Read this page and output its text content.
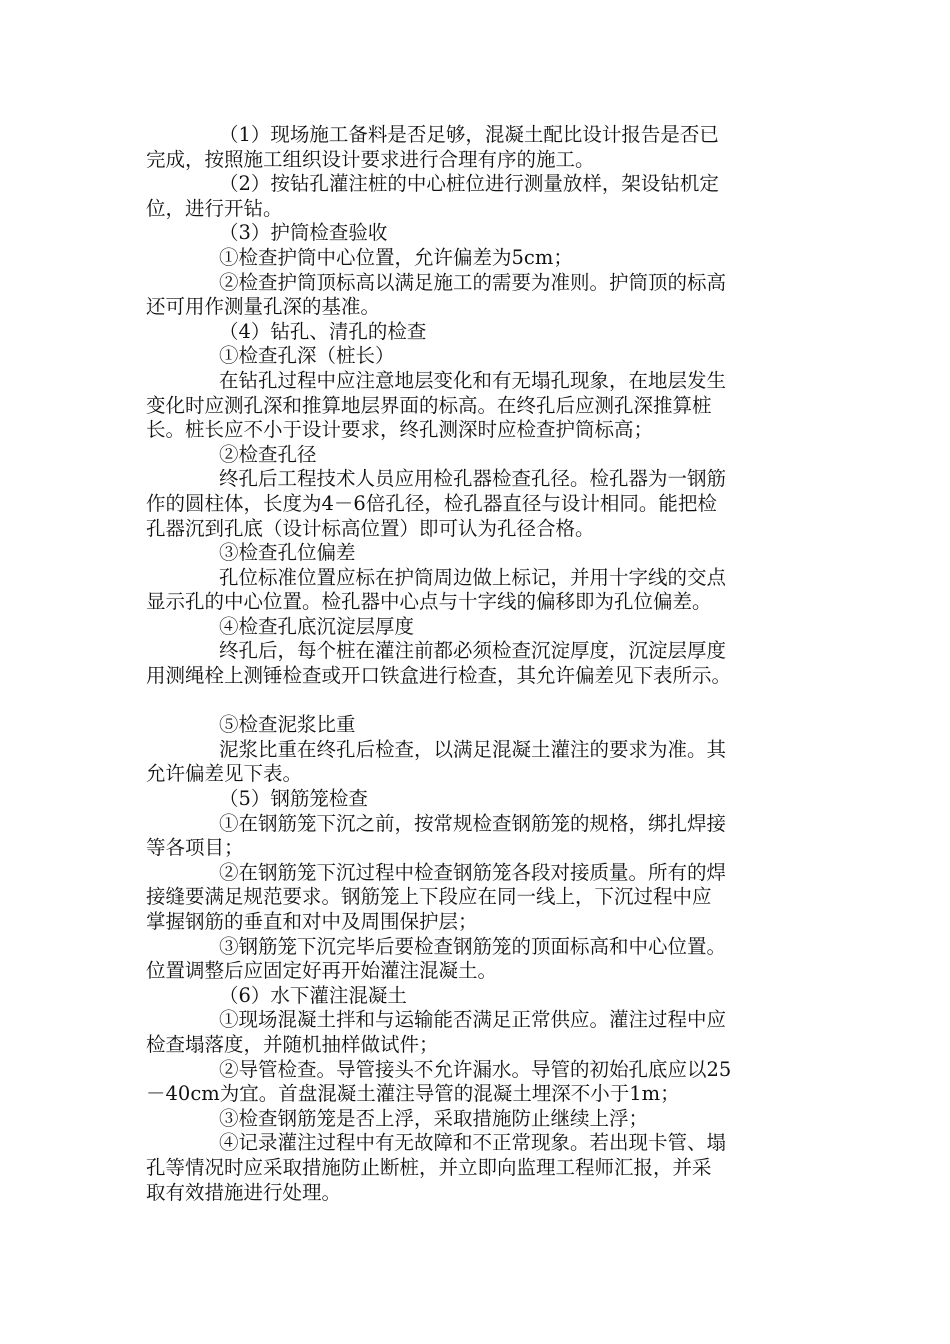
（1）现场施工备料是否足够，混凝土配比设计报告是否已
完成，按照施工组织设计要求进行合理有序的施工。
（2）按钻孔灌注桩的中心桩位进行测量放样，架设钻机定
位，进行开钻。
（3）护筒检查验收
①检查护筒中心位置，允许偏差为5cm；
②检查护筒顶标高以满足施工的需要为准则。护筒顶的标高
还可用作测量孔深的基准。
（4）钻孔、清孔的检查
①检查孔深（桩长）
在钻孔过程中应注意地层变化和有无塌孔现象，在地层发生
变化时应测孔深和推算地层界面的标高。在终孔后应测孔深推算桩
长。桩长应不小于设计要求，终孔测深时应检查护筒标高；
②检查孔径
终孔后工程技术人员应用检孔器检查孔径。检孔器为一钢筋
作的圆柱体，长度为4－6倍孔径，检孔器直径与设计相同。能把检
孔器沉到孔底（设计标高位置）即可认为孔径合格。
③检查孔位偏差
孔位标准位置应标在护筒周边做上标记，并用十字线的交点
显示孔的中心位置。检孔器中心点与十字线的偏移即为孔位偏差。
④检查孔底沉淀层厚度
终孔后，每个桩在灌注前都必须检查沉淀厚度，沉淀层厚度
用测绳栓上测锤检查或开口铁盒进行检查，其允许偏差见下表所示。
⑤检查泥浆比重
泥浆比重在终孔后检查，以满足混凝土灌注的要求为准。其
允许偏差见下表。
（5）钢筋笼检查
①在钢筋笼下沉之前，按常规检查钢筋笼的规格，绑扎焊接
等各项目；
②在钢筋笼下沉过程中检查钢筋笼各段对接质量。所有的焊
接缝要满足规范要求。钢筋笼上下段应在同一线上，下沉过程中应
掌握钢筋的垂直和对中及周围保护层；
③钢筋笼下沉完毕后要检查钢筋笼的顶面标高和中心位置。
位置调整后应固定好再开始灌注混凝土。
（6）水下灌注混凝土
①现场混凝土拌和与运输能否满足正常供应。灌注过程中应
检查塌落度，并随机抽样做试件；
②导管检查。导管接头不允许漏水。导管的初始孔底应以25
－40cm为宜。首盘混凝土灌注导管的混凝土埋深不小于1m；
③检查钢筋笼是否上浮，采取措施防止继续上浮；
④记录灌注过程中有无故障和不正常现象。若出现卡管、塌
孔等情况时应采取措施防止断桩，并立即向监理工程师汇报，并采
取有效措施进行处理。
